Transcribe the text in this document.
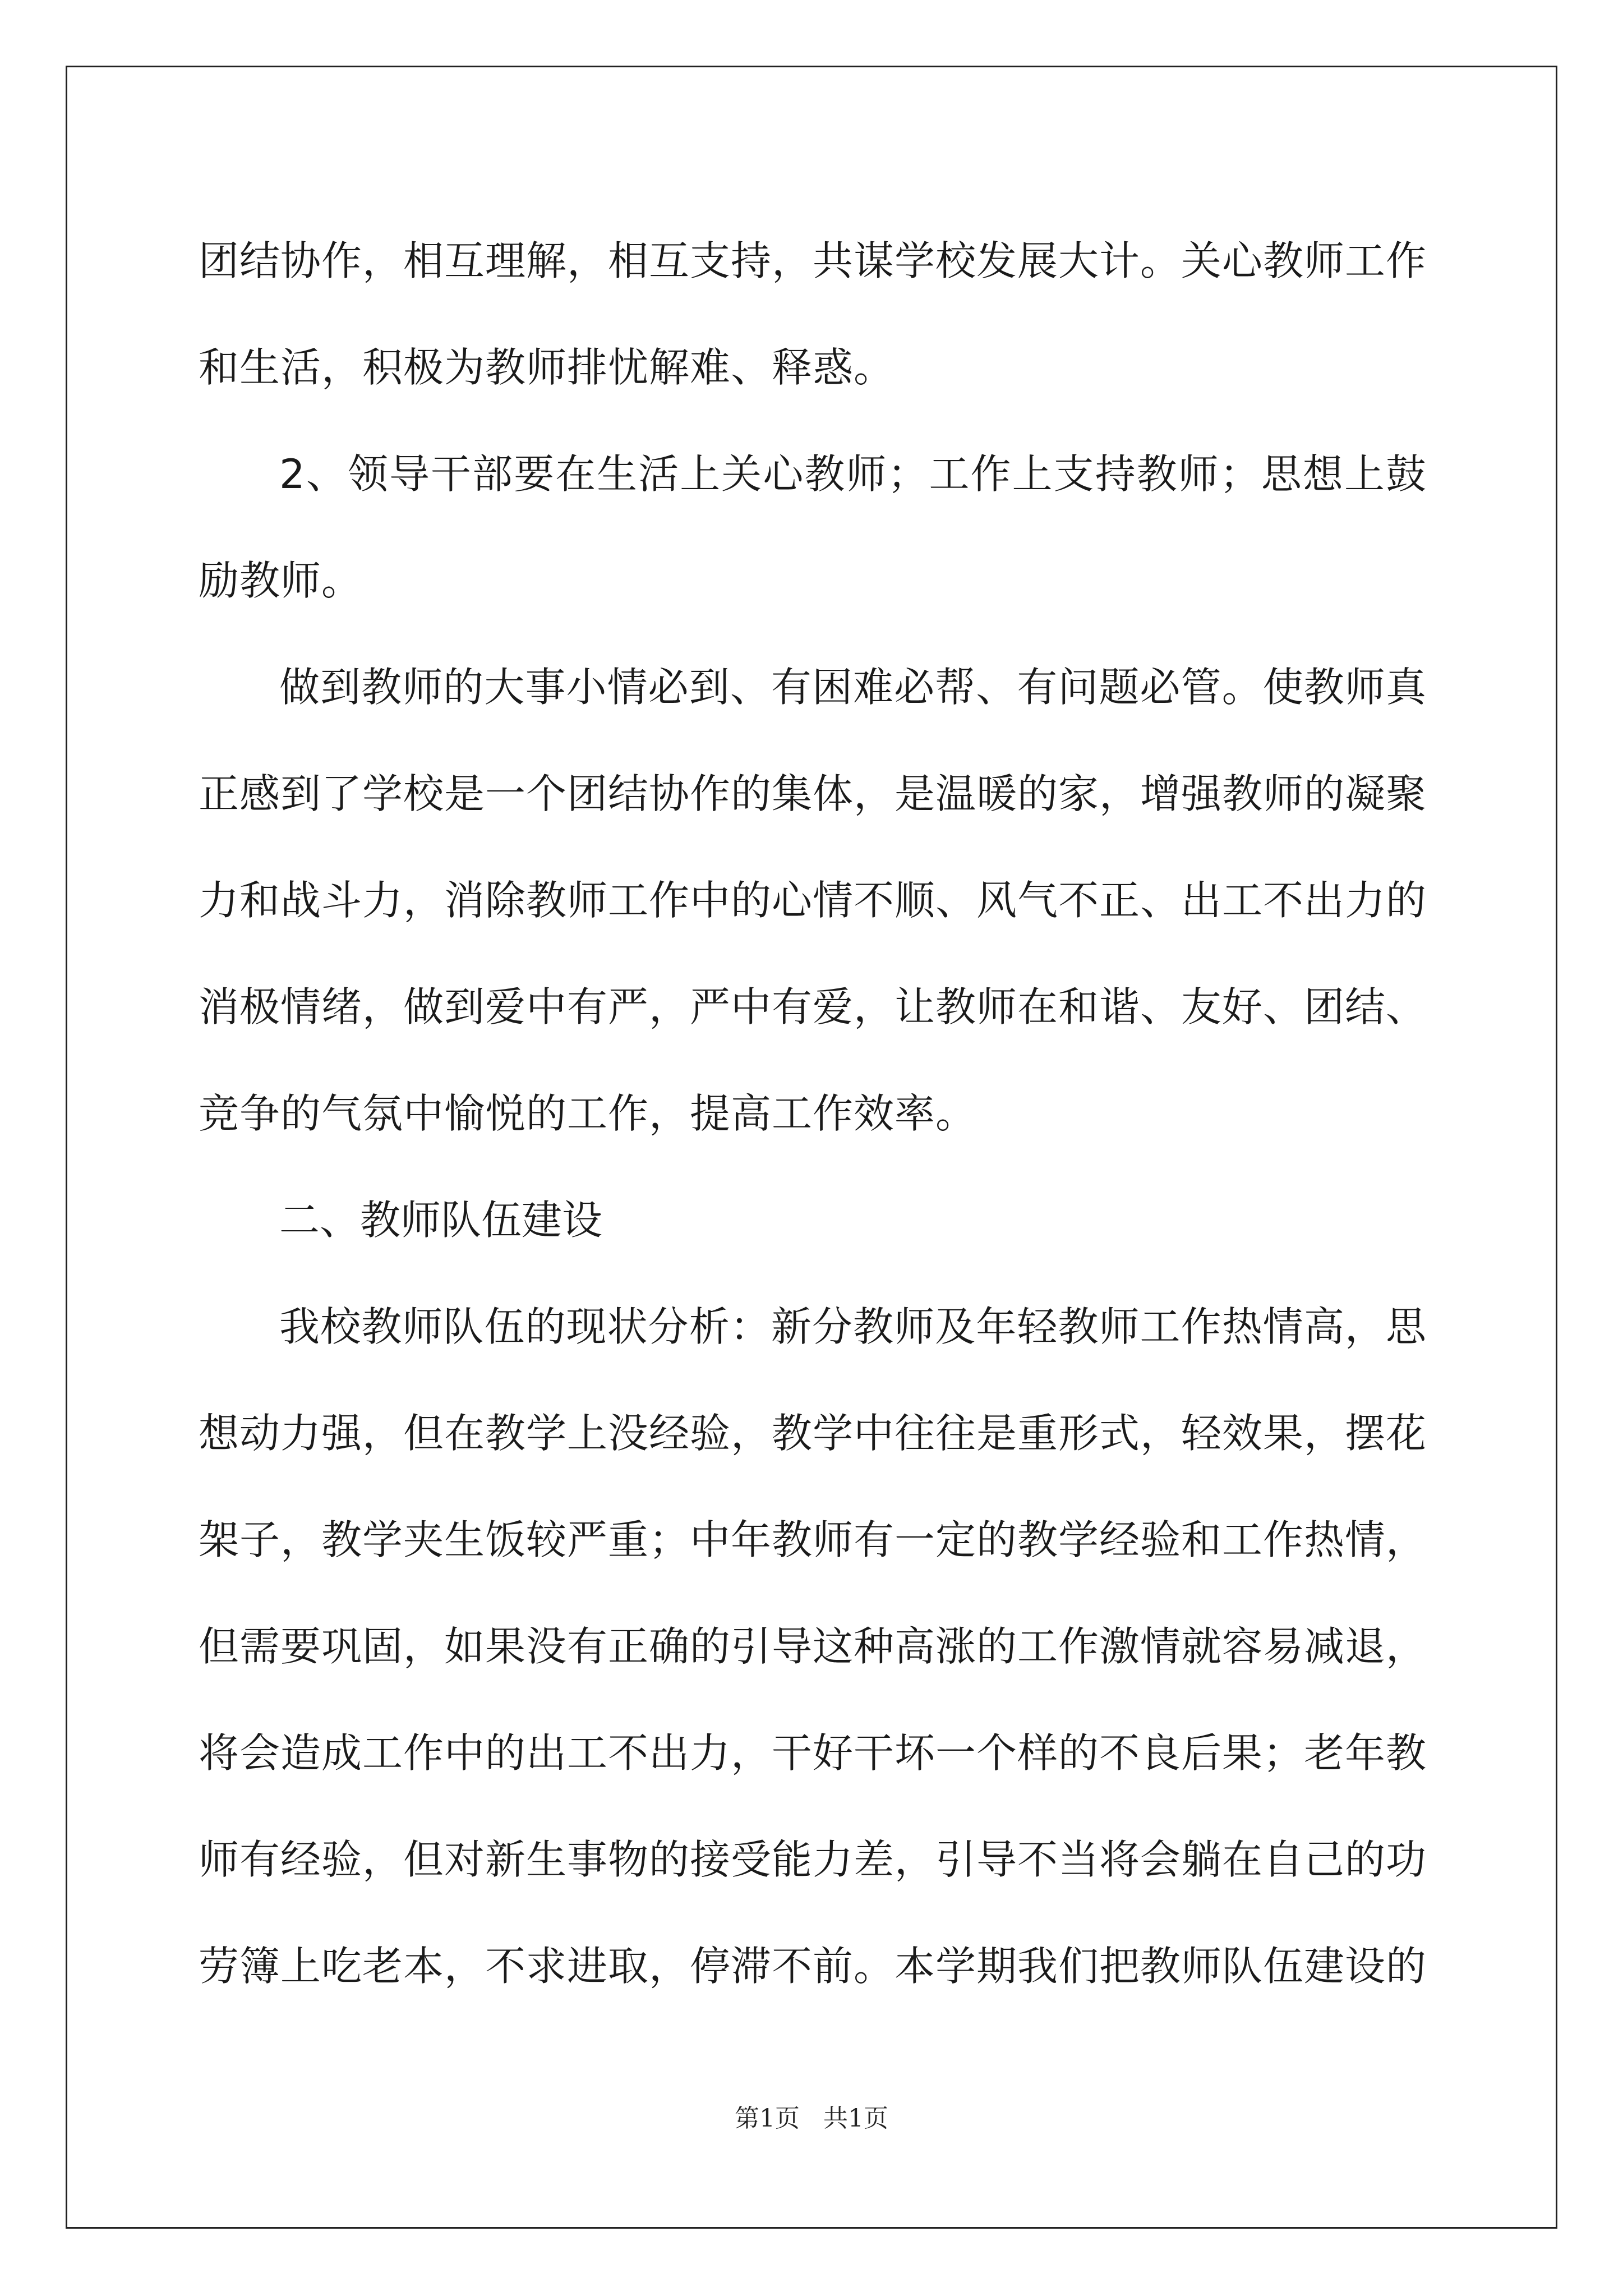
团结协作，相互理解，相互支持，共谋学校发展大计。关心教师工作和生活，积极为教师排忧解难、释惑。

2、领导干部要在生活上关心教师；工作上支持教师；思想上鼓励教师。

做到教师的大事小情必到、有困难必帮、有问题必管。使教师真正感到了学校是一个团结协作的集体，是温暖的家，增强教师的凝聚力和战斗力，消除教师工作中的心情不顺、风气不正、出工不出力的消极情绪，做到爱中有严，严中有爱，让教师在和谐、友好、团结、竞争的气氛中愉悦的工作，提高工作效率。

二、教师队伍建设

我校教师队伍的现状分析：新分教师及年轻教师工作热情高，思想动力强，但在教学上没经验，教学中往往是重形式，轻效果，摆花架子，教学夹生饭较严重；中年教师有一定的教学经验和工作热情，但需要巩固，如果没有正确的引导这种高涨的工作激情就容易减退，将会造成工作中的出工不出力，干好干坏一个样的不良后果；老年教师有经验，但对新生事物的接受能力差，引导不当将会躺在自己的功劳簿上吃老本，不求进取，停滞不前。本学期我们把教师队伍建设的

第1页   共1页
